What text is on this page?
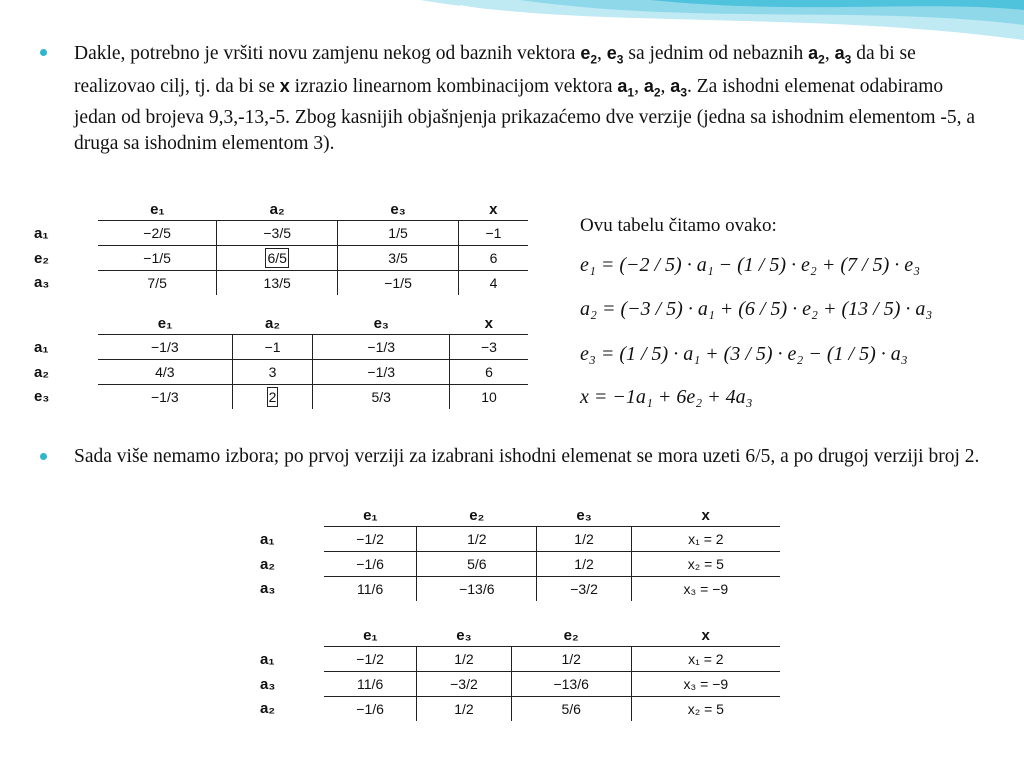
Dakle, potrebno je vršiti novu zamjenu nekog od baznih vektora $e_2$, $e_3$ sa jednim od nebaznih $a_2$, $a_3$ da bi se realizovao cilj, tj. da bi se x izrazio linearnom kombinacijom vektora $a_1$, $a_2$, $a_3$. Za ishodni elemenat odabiramo jedan od brojeva 9,3,-13,-5. Zbog kasnijih objašnjenja prikazaćemo dve verzije (jedna sa ishodnim elementom -5, a druga sa ishodnim elementom 3).

	e₁	a₂	e₃	x
a₁	−2/5	−3/5	1/5	−1
e₂	−1/5	6/5	3/5	6
a₃	7/5	13/5	−1/5	4
	e₁	a₂	e₃	x
a₁	−1/3	−1	−1/3	−3
a₂	4/3	3	−1/3	6
e₃	−1/3	2	5/3	10
Ovu tabelu čitamo ovako:
e₁ = (−2 / 5) · a₁ − (1 / 5) · e₂ + (7 / 5) · e₃
a₂ = (−3 / 5) · a₁ + (6 / 5) · e₂ + (13 / 5) · a₃
e₃ = (1 / 5) · a₁ + (3 / 5) · e₂ − (1 / 5) · a₃
x = −1a₁ + 6e₂ + 4a₃

Sada više nemamo izbora; po prvoj verziji za izabrani ishodni elemenat se mora uzeti 6/5, a po drugoj verziji broj 2.

	e₁	e₂	e₃	x
a₁	−1/2	1/2	1/2	x₁ = 2
a₂	−1/6	5/6	1/2	x₂ = 5
a₃	11/6	−13/6	−3/2	x₃ = −9
	e₁	e₃	e₂	x
a₁	−1/2	1/2	1/2	x₁ = 2
a₃	11/6	−3/2	−13/6	x₃ = −9
a₂	−1/6	1/2	5/6	x₂ = 5
